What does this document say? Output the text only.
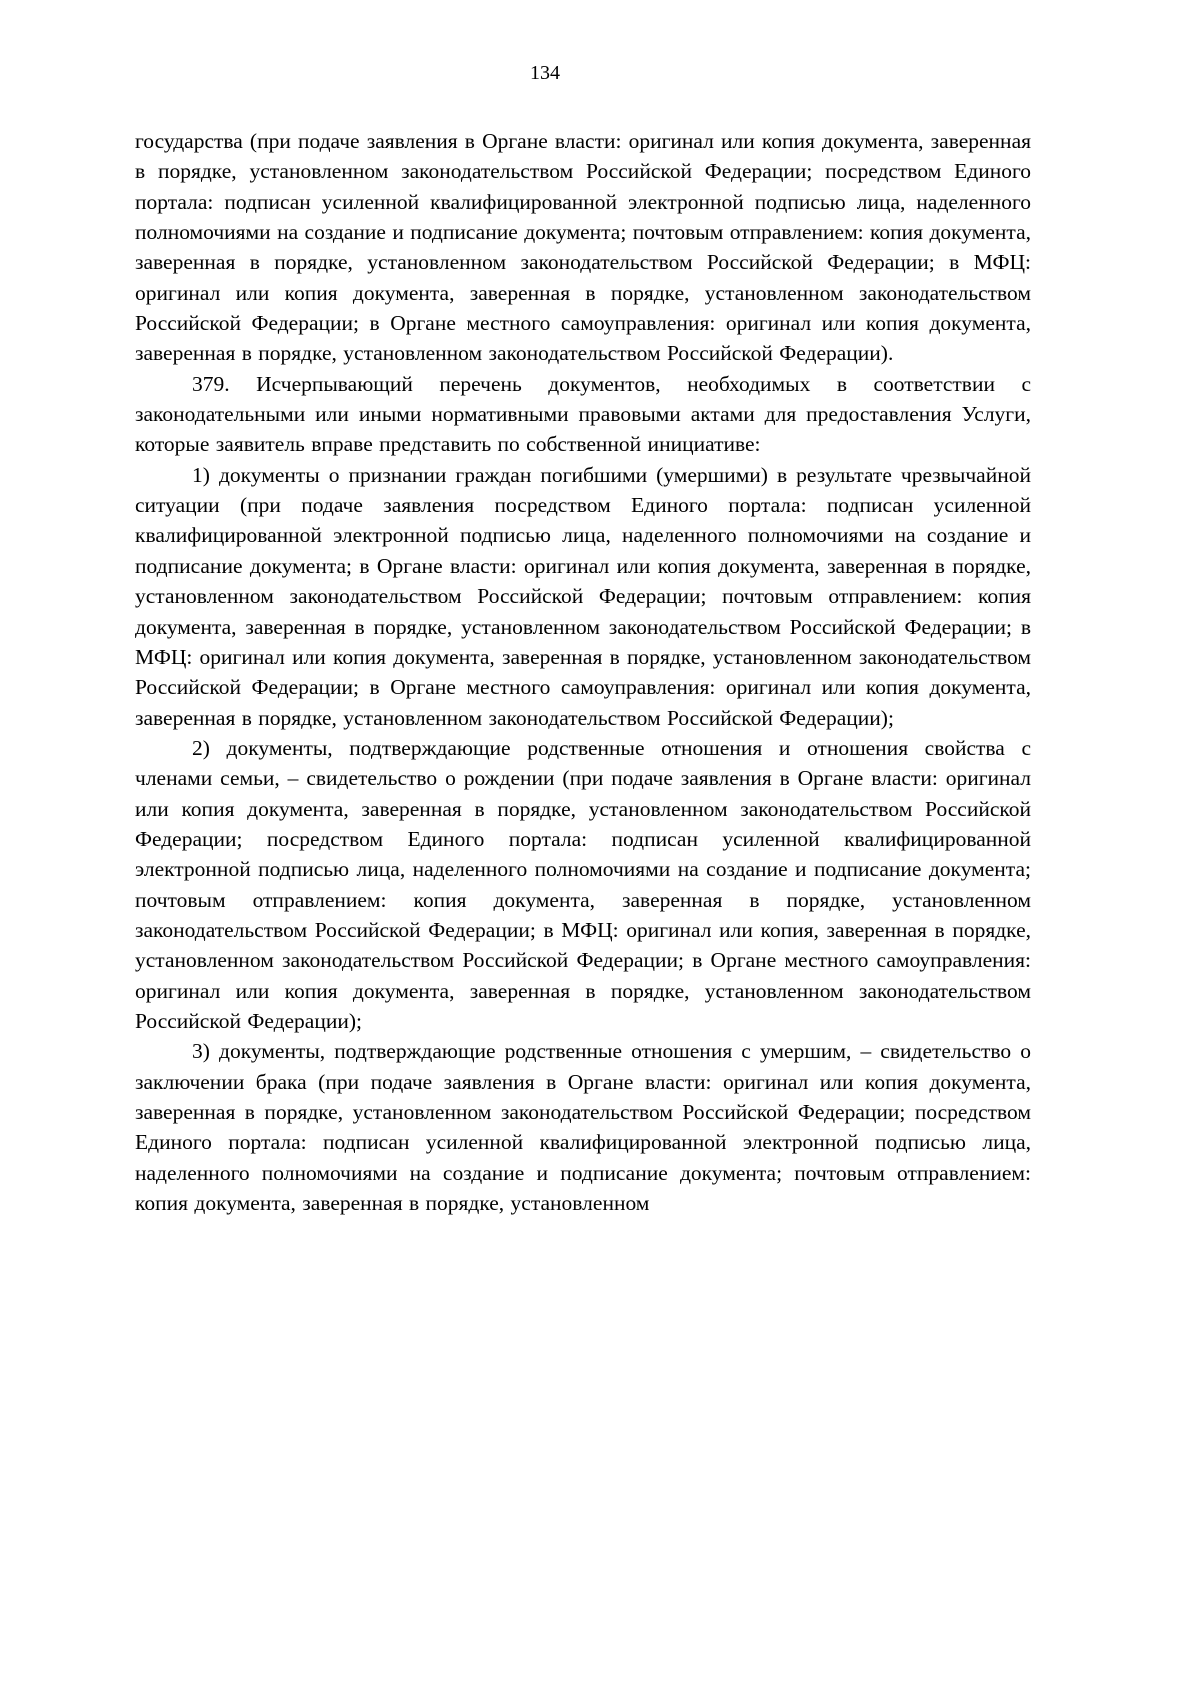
134

государства (при подаче заявления в Органе власти: оригинал или копия документа, заверенная в порядке, установленном законодательством Российской Федерации; посредством Единого портала: подписан усиленной квалифицированной электронной подписью лица, наделенного полномочиями на создание и подписание документа; почтовым отправлением: копия документа, заверенная в порядке, установленном законодательством Российской Федерации; в МФЦ: оригинал или копия документа, заверенная в порядке, установленном законодательством Российской Федерации; в Органе местного самоуправления: оригинал или копия документа, заверенная в порядке, установленном законодательством Российской Федерации).

379. Исчерпывающий перечень документов, необходимых в соответствии с законодательными или иными нормативными правовыми актами для предоставления Услуги, которые заявитель вправе представить по собственной инициативе:

1) документы о признании граждан погибшими (умершими) в результате чрезвычайной ситуации (при подаче заявления посредством Единого портала: подписан усиленной квалифицированной электронной подписью лица, наделенного полномочиями на создание и подписание документа; в Органе власти: оригинал или копия документа, заверенная в порядке, установленном законодательством Российской Федерации; почтовым отправлением: копия документа, заверенная в порядке, установленном законодательством Российской Федерации; в МФЦ: оригинал или копия документа, заверенная в порядке, установленном законодательством Российской Федерации; в Органе местного самоуправления: оригинал или копия документа, заверенная в порядке, установленном законодательством Российской Федерации);

2) документы, подтверждающие родственные отношения и отношения свойства с членами семьи, – свидетельство о рождении (при подаче заявления в Органе власти: оригинал или копия документа, заверенная в порядке, установленном законодательством Российской Федерации; посредством Единого портала: подписан усиленной квалифицированной электронной подписью лица, наделенного полномочиями на создание и подписание документа; почтовым отправлением: копия документа, заверенная в порядке, установленном законодательством Российской Федерации; в МФЦ: оригинал или копия, заверенная в порядке, установленном законодательством Российской Федерации; в Органе местного самоуправления: оригинал или копия документа, заверенная в порядке, установленном законодательством Российской Федерации);

3) документы, подтверждающие родственные отношения с умершим, – свидетельство о заключении брака (при подаче заявления в Органе власти: оригинал или копия документа, заверенная в порядке, установленном законодательством Российской Федерации; посредством Единого портала: подписан усиленной квалифицированной электронной подписью лица, наделенного полномочиями на создание и подписание документа; почтовым отправлением: копия документа, заверенная в порядке, установленном
